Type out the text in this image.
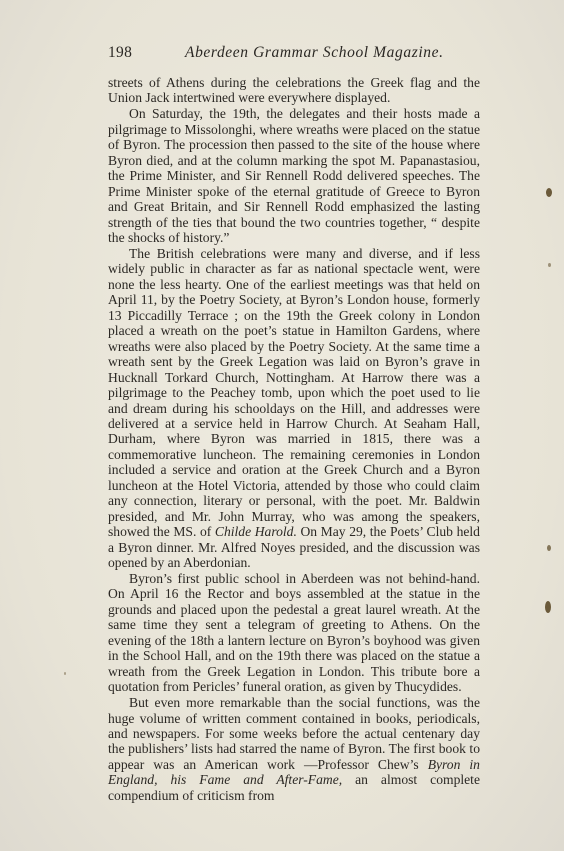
198	Aberdeen Grammar School Magazine.

streets of Athens during the celebrations the Greek flag and the Union Jack intertwined were everywhere displayed.

On Saturday, the 19th, the delegates and their hosts made a pilgrimage to Missolonghi, where wreaths were placed on the statue of Byron. The procession then passed to the site of the house where Byron died, and at the column marking the spot M. Papanastasiou, the Prime Minister, and Sir Rennell Rodd delivered speeches. The Prime Minister spoke of the eternal gratitude of Greece to Byron and Great Britain, and Sir Rennell Rodd emphasized the lasting strength of the ties that bound the two countries together, “ despite the shocks of history.”

The British celebrations were many and diverse, and if less widely public in character as far as national spectacle went, were none the less hearty. One of the earliest meetings was that held on April 11, by the Poetry Society, at Byron’s London house, formerly 13 Piccadilly Terrace ; on the 19th the Greek colony in London placed a wreath on the poet’s statue in Hamilton Gardens, where wreaths were also placed by the Poetry Society. At the same time a wreath sent by the Greek Legation was laid on Byron’s grave in Hucknall Torkard Church, Nottingham. At Harrow there was a pilgrimage to the Peachey tomb, upon which the poet used to lie and dream during his schooldays on the Hill, and addresses were delivered at a service held in Harrow Church. At Seaham Hall, Durham, where Byron was married in 1815, there was a commemorative luncheon. The remaining ceremonies in London included a service and oration at the Greek Church and a Byron luncheon at the Hotel Victoria, attended by those who could claim any connection, literary or personal, with the poet. Mr. Baldwin presided, and Mr. John Murray, who was among the speakers, showed the MS. of Childe Harold. On May 29, the Poets’ Club held a Byron dinner. Mr. Alfred Noyes presided, and the discussion was opened by an Aberdonian.

Byron’s first public school in Aberdeen was not behind-hand. On April 16 the Rector and boys assembled at the statue in the grounds and placed upon the pedestal a great laurel wreath. At the same time they sent a telegram of greeting to Athens. On the evening of the 18th a lantern lecture on Byron’s boyhood was given in the School Hall, and on the 19th there was placed on the statue a wreath from the Greek Legation in London. This tribute bore a quotation from Pericles’ funeral oration, as given by Thucydides.

But even more remarkable than the social functions, was the huge volume of written comment contained in books, periodicals, and newspapers. For some weeks before the actual centenary day the publishers’ lists had starred the name of Byron. The first book to appear was an American work —Professor Chew’s Byron in England, his Fame and After-Fame, an almost complete compendium of criticism from
